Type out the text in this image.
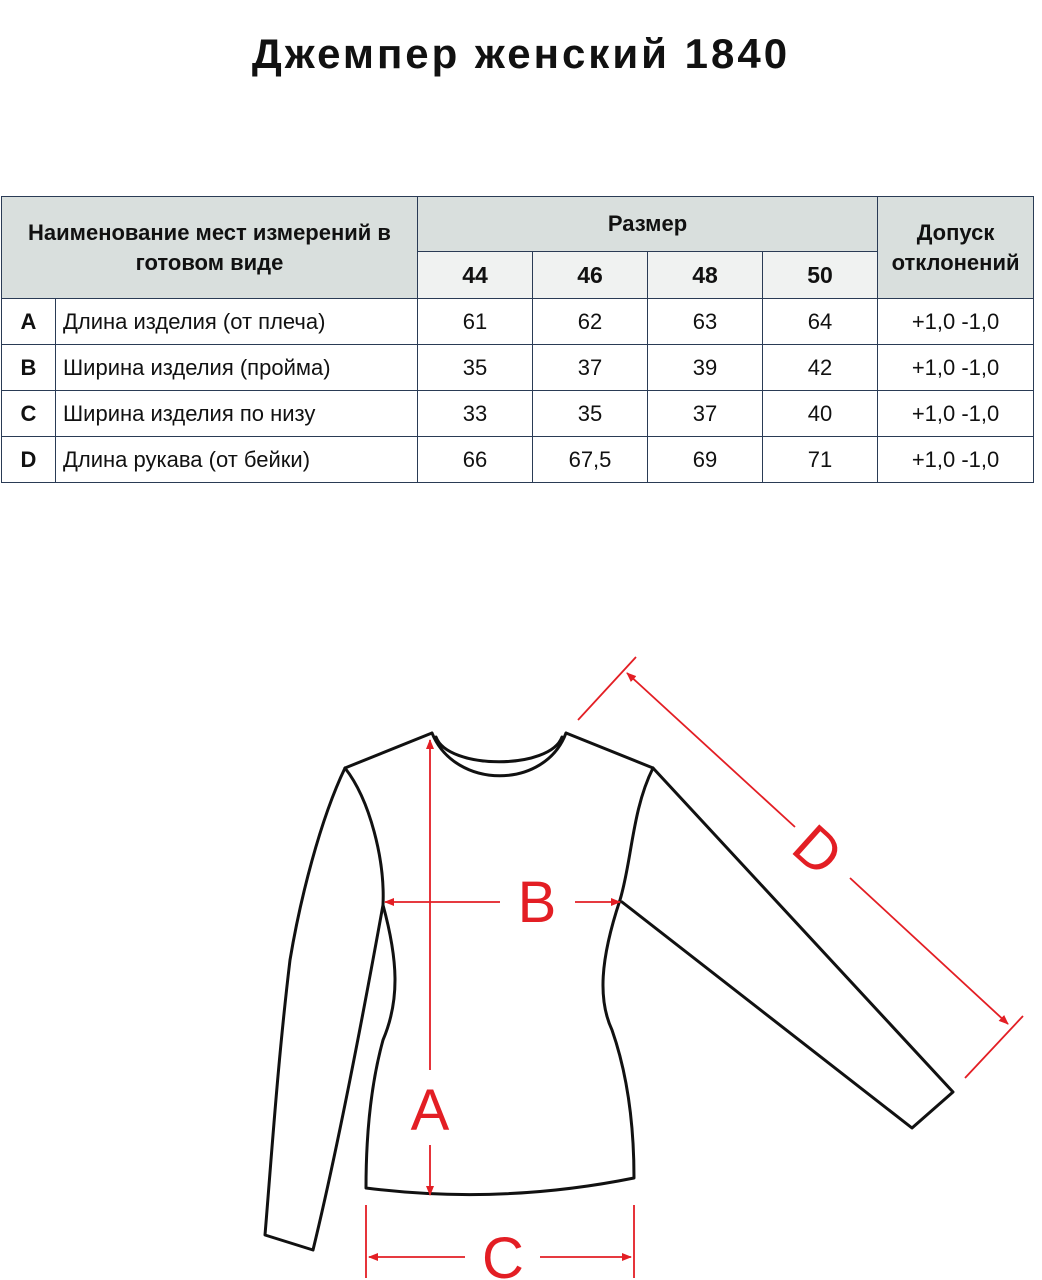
Джемпер женский 1840
Наименование мест измерений в готовом виде		Размер				Допуск отклонений
		44	46	48	50	
A	Длина изделия (от плеча)	61	62	63	64	+1,0 -1,0
B	Ширина изделия (пройма)	35	37	39	42	+1,0 -1,0
C	Ширина изделия по низу	33	35	37	40	+1,0 -1,0
D	Длина рукава (от бейки)	66	67,5	69	71	+1,0 -1,0
A
B
C
D
